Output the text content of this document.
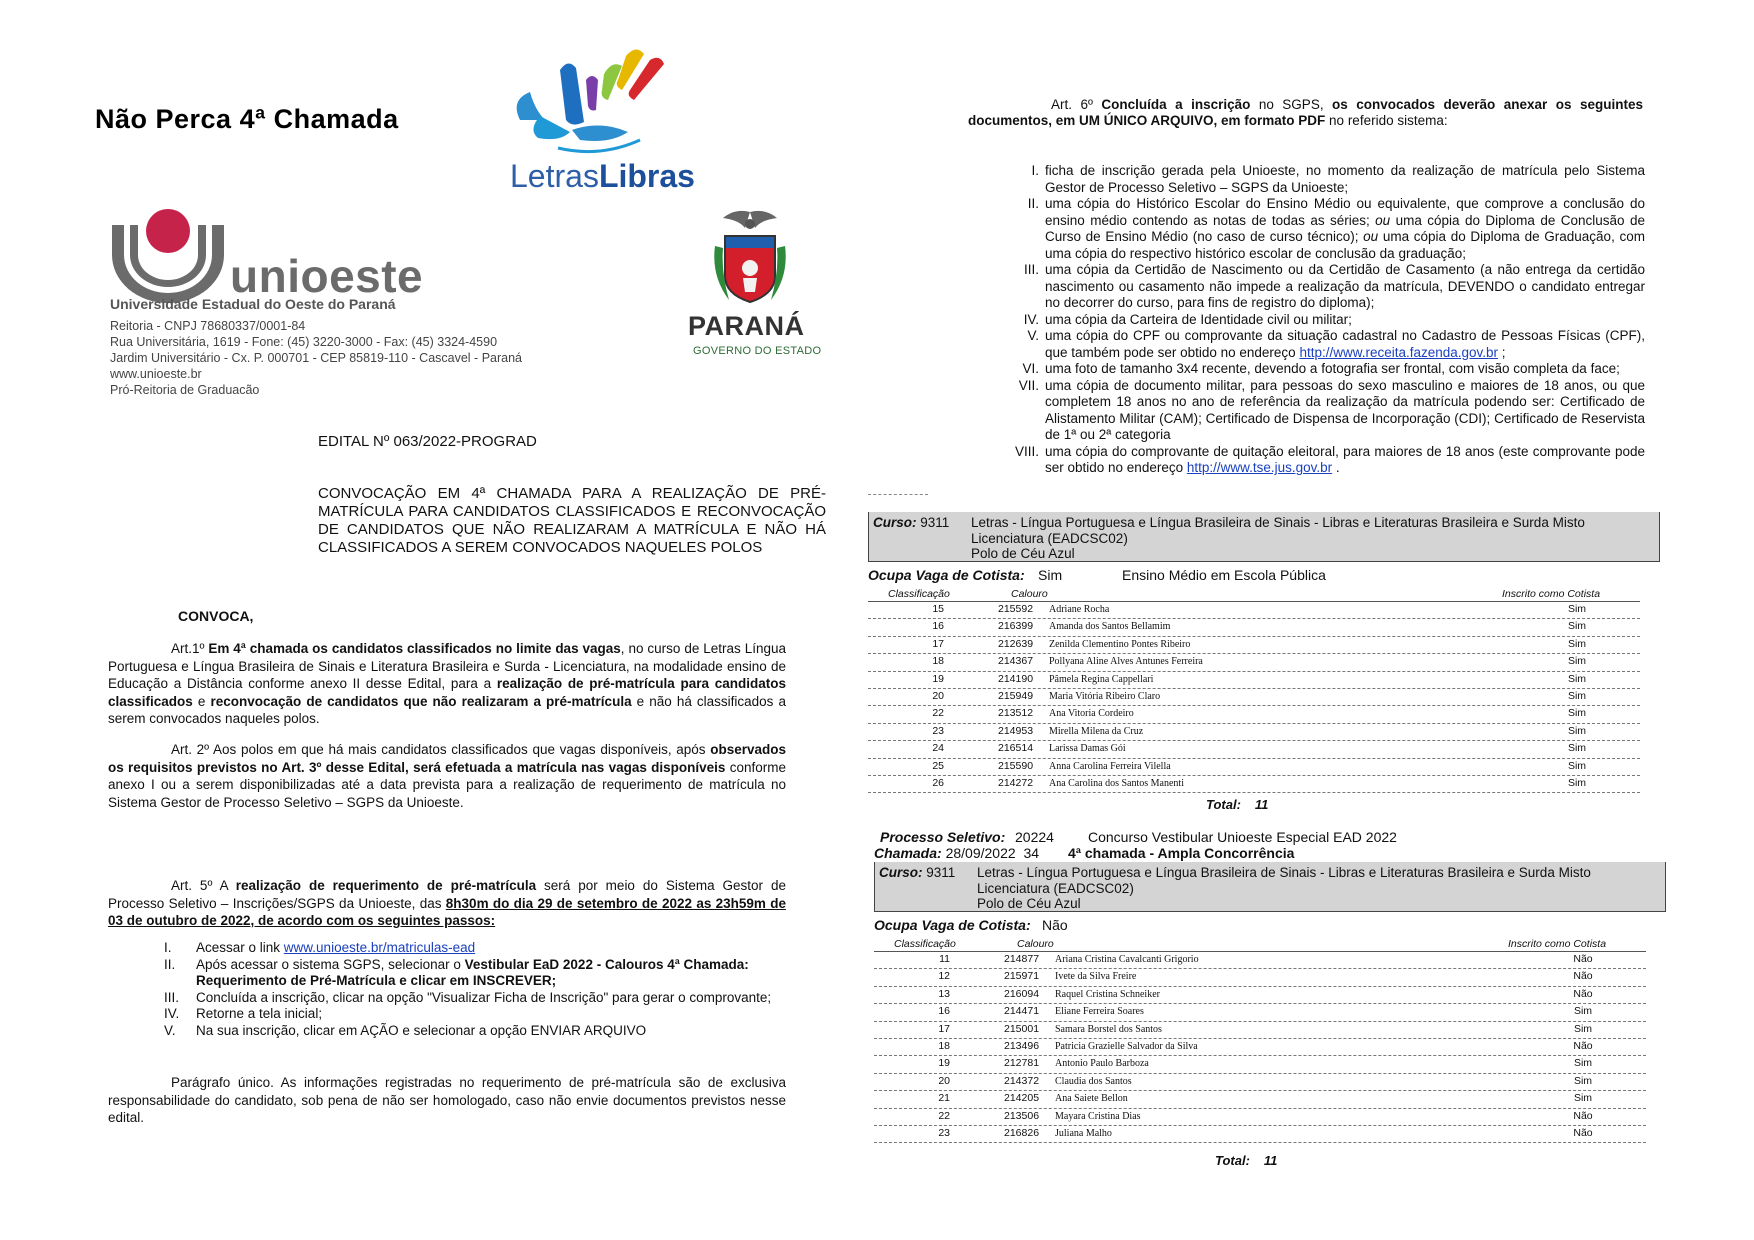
Não Perca 4ª Chamada
LetrasLibras
unioeste
Universidade Estadual do Oeste do Paraná
Reitoria - CNPJ 78680337/0001-84
Rua Universitária, 1619 - Fone: (45) 3220-3000 - Fax: (45) 3324-4590
Jardim Universitário - Cx. P. 000701 - CEP 85819-110 - Cascavel - Paraná
www.unioeste.br
Pró-Reitoria de Graduacão
PARANÁ
GOVERNO DO ESTADO
EDITAL Nº 063/2022-PROGRAD
CONVOCAÇÃO EM 4ª CHAMADA PARA A REALIZAÇÃO DE PRÉ-MATRÍCULA PARA CANDIDATOS CLASSIFICADOS E RECONVOCAÇÃO DE CANDIDATOS QUE NÃO REALIZARAM A MATRÍCULA E NÃO HÁ CLASSIFICADOS A SEREM CONVOCADOS NAQUELES POLOS
CONVOCA,
Art.1º Em 4ª chamada os candidatos classificados no limite das vagas, no curso de Letras Língua Portuguesa e Língua Brasileira de Sinais e Literatura Brasileira e Surda - Licenciatura, na modalidade ensino de Educação a Distância conforme anexo II desse Edital, para a realização de pré-matrícula para candidatos classificados e reconvocação de candidatos que não realizaram a pré-matrícula e não há classificados a serem convocados naqueles polos.
Art. 2º Aos polos em que há mais candidatos classificados que vagas disponíveis, após observados os requisitos previstos no Art. 3º desse Edital, será efetuada a matrícula nas vagas disponíveis conforme anexo I ou a serem disponibilizadas até a data prevista para a realização de requerimento de matrícula no Sistema Gestor de Processo Seletivo – SGPS da Unioeste.
Art. 5º A realização de requerimento de pré-matrícula será por meio do Sistema Gestor de Processo Seletivo – Inscrições/SGPS da Unioeste, das 8h30m do dia 29 de setembro de 2022 as 23h59m de 03 de outubro de 2022, de acordo com os seguintes passos:
I. Acessar o link www.unioeste.br/matriculas-ead
II. Após acessar o sistema SGPS, selecionar o Vestibular EaD 2022 - Calouros 4ª Chamada: Requerimento de Pré-Matrícula e clicar em INSCREVER;
III. Concluída a inscrição, clicar na opção "Visualizar Ficha de Inscrição" para gerar o comprovante;
IV. Retorne a tela inicial;
V. Na sua inscrição, clicar em AÇÃO e selecionar a opção ENVIAR ARQUIVO
Parágrafo único. As informações registradas no requerimento de pré-matrícula são de exclusiva responsabilidade do candidato, sob pena de não ser homologado, caso não envie documentos previstos nesse edital.
Art. 6º Concluída a inscrição no SGPS, os convocados deverão anexar os seguintes documentos, em UM ÚNICO ARQUIVO, em formato PDF no referido sistema:
I. ficha de inscrição gerada pela Unioeste, no momento da realização de matrícula pelo Sistema Gestor de Processo Seletivo – SGPS da Unioeste;
II. uma cópia do Histórico Escolar do Ensino Médio ou equivalente, que comprove a conclusão do ensino médio contendo as notas de todas as séries; ou uma cópia do Diploma de Conclusão de Curso de Ensino Médio (no caso de curso técnico); ou uma cópia do Diploma de Graduação, com uma cópia do respectivo histórico escolar de conclusão da graduação;
III. uma cópia da Certidão de Nascimento ou da Certidão de Casamento (a não entrega da certidão nascimento ou casamento não impede a realização da matrícula, DEVENDO o candidato entregar no decorrer do curso, para fins de registro do diploma);
IV. uma cópia da Carteira de Identidade civil ou militar;
V. uma cópia do CPF ou comprovante da situação cadastral no Cadastro de Pessoas Físicas (CPF), que também pode ser obtido no endereço http://www.receita.fazenda.gov.br ;
VI. uma foto de tamanho 3x4 recente, devendo a fotografia ser frontal, com visão completa da face;
VII. uma cópia de documento militar, para pessoas do sexo masculino e maiores de 18 anos, ou que completem 18 anos no ano de referência da realização da matrícula podendo ser: Certificado de Alistamento Militar (CAM); Certificado de Dispensa de Incorporação (CDI); Certificado de Reservista de 1ª ou 2ª categoria
VIII. uma cópia do comprovante de quitação eleitoral, para maiores de 18 anos (este comprovante pode ser obtido no endereço http://www.tse.jus.gov.br .
Curso: 9311 Letras - Língua Portuguesa e Língua Brasileira de Sinais - Libras e Literaturas Brasileira e Surda Misto
Licenciatura (EADCSC02)
Polo de Céu Azul
Ocupa Vaga de Cotista: Sim	Ensino Médio em Escola Pública
Classificação	Calouro	Inscrito como Cotista
15	215592 Adriane Rocha	Sim
16	216399 Amanda dos Santos Bellamim	Sim
17	212639 Zenilda Clementino Pontes Ribeiro	Sim
18	214367 Pollyana Aline Alves Antunes Ferreira	Sim
19	214190 Pâmela Regina Cappellari	Sim
20	215949 Maria Vitória Ribeiro Claro	Sim
22	213512 Ana Vitoria Cordeiro	Sim
23	214953 Mirella Milena da Cruz	Sim
24	216514 Larissa Damas Gói	Sim
25	215590 Anna Carolina Ferreira Vilella	Sim
26	214272 Ana Carolina dos Santos Manenti	Sim
Total: 11
Processo Seletivo: 20224 Concurso Vestibular Unioeste Especial EAD 2022
Chamada: 28/09/2022 34 4ª chamada - Ampla Concorrência
Curso: 9311 Letras - Língua Portuguesa e Língua Brasileira de Sinais - Libras e Literaturas Brasileira e Surda Misto
Licenciatura (EADCSC02)
Polo de Céu Azul
Ocupa Vaga de Cotista: Não
Classificação	Calouro	Inscrito como Cotista
11	214877 Ariana Cristina Cavalcanti Grigorio	Não
12	215971 Ivete da Silva Freire	Não
13	216094 Raquel Cristina Schneiker	Não
16	214471 Eliane Ferreira Soares	Sim
17	215001 Samara Borstel dos Santos	Sim
18	213496 Patricia Grazielle Salvador da Silva	Não
19	212781 Antonio Paulo Barboza	Sim
20	214372 Claudia dos Santos	Sim
21	214205 Ana Saiete Bellon	Sim
22	213506 Mayara Cristina Dias	Não
23	216826 Juliana Malho	Não
Total: 11
